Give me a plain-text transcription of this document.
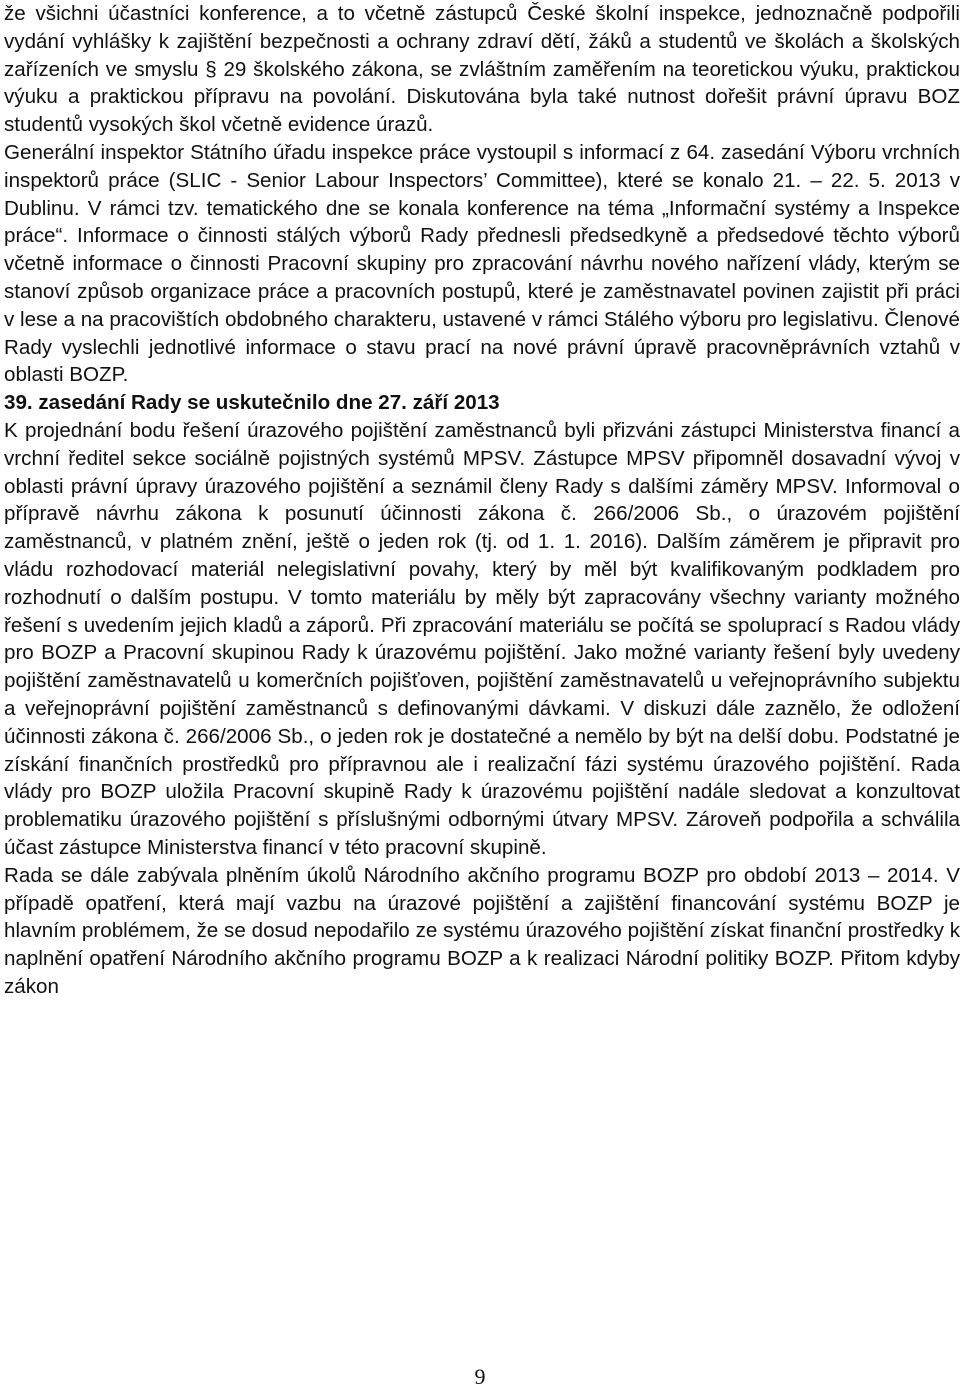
že všichni účastníci konference, a to včetně zástupců České školní inspekce, jednoznačně podpořili vydání vyhlášky k zajištění bezpečnosti a ochrany zdraví dětí, žáků a studentů ve školách a školských zařízeních ve smyslu § 29 školského zákona, se zvláštním zaměřením na teoretickou výuku, praktickou výuku a praktickou přípravu na povolání. Diskutována byla také nutnost dořešit právní úpravu BOZ studentů vysokých škol včetně evidence úrazů.

Generální inspektor Státního úřadu inspekce práce vystoupil s informací z 64. zasedání Výboru vrchních inspektorů práce (SLIC - Senior Labour Inspectors’ Committee), které se konalo 21. – 22. 5. 2013 v Dublinu. V rámci tzv. tematického dne se konala konference na téma „Informační systémy a Inspekce práce“. Informace o činnosti stálých výborů Rady přednesli předsedkyně a předsedové těchto výborů včetně informace o činnosti Pracovní skupiny pro zpracování návrhu nového nařízení vlády, kterým se stanoví způsob organizace práce a pracovních postupů, které je zaměstnavatel povinen zajistit při práci v lese a na pracovištích obdobného charakteru, ustavené v rámci Stálého výboru pro legislativu. Členové Rady vyslechli jednotlivé informace o stavu prací na nové právní úpravě pracovněprávních vztahů v oblasti BOZP.

39. zasedání Rady se uskutečnilo dne 27. září 2013

K projednání bodu řešení úrazového pojištění zaměstnanců byli přizváni zástupci Ministerstva financí a vrchní ředitel sekce sociálně pojistných systémů MPSV. Zástupce MPSV připomněl dosavadní vývoj v oblasti právní úpravy úrazového pojištění a seznámil členy Rady s dalšími záměry MPSV. Informoval o přípravě návrhu zákona k posunutí účinnosti zákona č. 266/2006 Sb., o úrazovém pojištění zaměstnanců, v platném znění, ještě o jeden rok (tj. od 1. 1. 2016). Dalším záměrem je připravit pro vládu rozhodovací materiál nelegislativní povahy, který by měl být kvalifikovaným podkladem pro rozhodnutí o dalším postupu. V tomto materiálu by měly být zapracovány všechny varianty možného řešení s uvedením jejich kladů a záporů. Při zpracování materiálu se počítá se spoluprací s Radou vlády pro BOZP a Pracovní skupinou Rady k úrazovému pojištění. Jako možné varianty řešení byly uvedeny pojištění zaměstnavatelů u komerčních pojišťoven, pojištění zaměstnavatelů u veřejnoprávního subjektu a veřejnoprávní pojištění zaměstnanců s definovanými dávkami. V diskuzi dále zaznělo, že odložení účinnosti zákona č. 266/2006 Sb., o jeden rok je dostatečné a nemělo by být na delší dobu. Podstatné je získání finančních prostředků pro přípravnou ale i realizační fázi systému úrazového pojištění. Rada vlády pro BOZP uložila Pracovní skupině Rady k úrazovému pojištění nadále sledovat a konzultovat problematiku úrazového pojištění s příslušnými odbornými útvary MPSV. Zároveň podpořila a schválila účast zástupce Ministerstva financí v této pracovní skupině.

Rada se dále zabývala plněním úkolů Národního akčního programu BOZP pro období 2013 – 2014. V případě opatření, která mají vazbu na úrazové pojištění a zajištění financování systému BOZP je hlavním problémem, že se dosud nepodařilo ze systému úrazového pojištění získat finanční prostředky k naplnění opatření Národního akčního programu BOZP a k realizaci Národní politiky BOZP. Přitom kdyby zákon

9
